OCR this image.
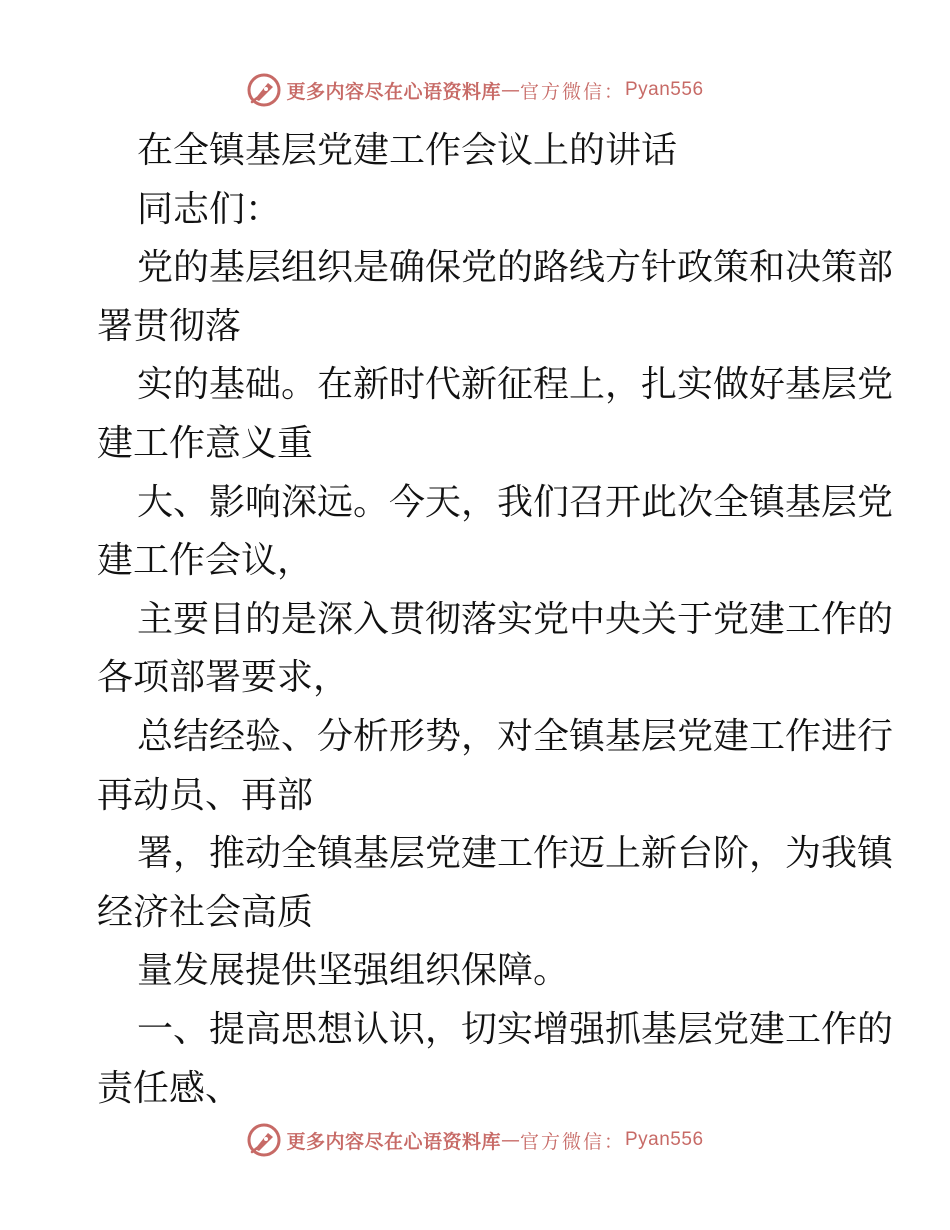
更多内容尽在心语资料库 — 官方微信： Pyan556
在全镇基层党建工作会议上的讲话
同志们：
党的基层组织是确保党的路线方针政策和决策部
署贯彻落
实的基础。在新时代新征程上，扎实做好基层党
建工作意义重
大、影响深远。今天，我们召开此次全镇基层党
建工作会议，
主要目的是深入贯彻落实党中央关于党建工作的
各项部署要求，
总结经验、分析形势，对全镇基层党建工作进行
再动员、再部
署，推动全镇基层党建工作迈上新台阶，为我镇
经济社会高质
量发展提供坚强组织保障。
一、提高思想认识，切实增强抓基层党建工作的
责任感、
更多内容尽在心语资料库 — 官方微信： Pyan556
